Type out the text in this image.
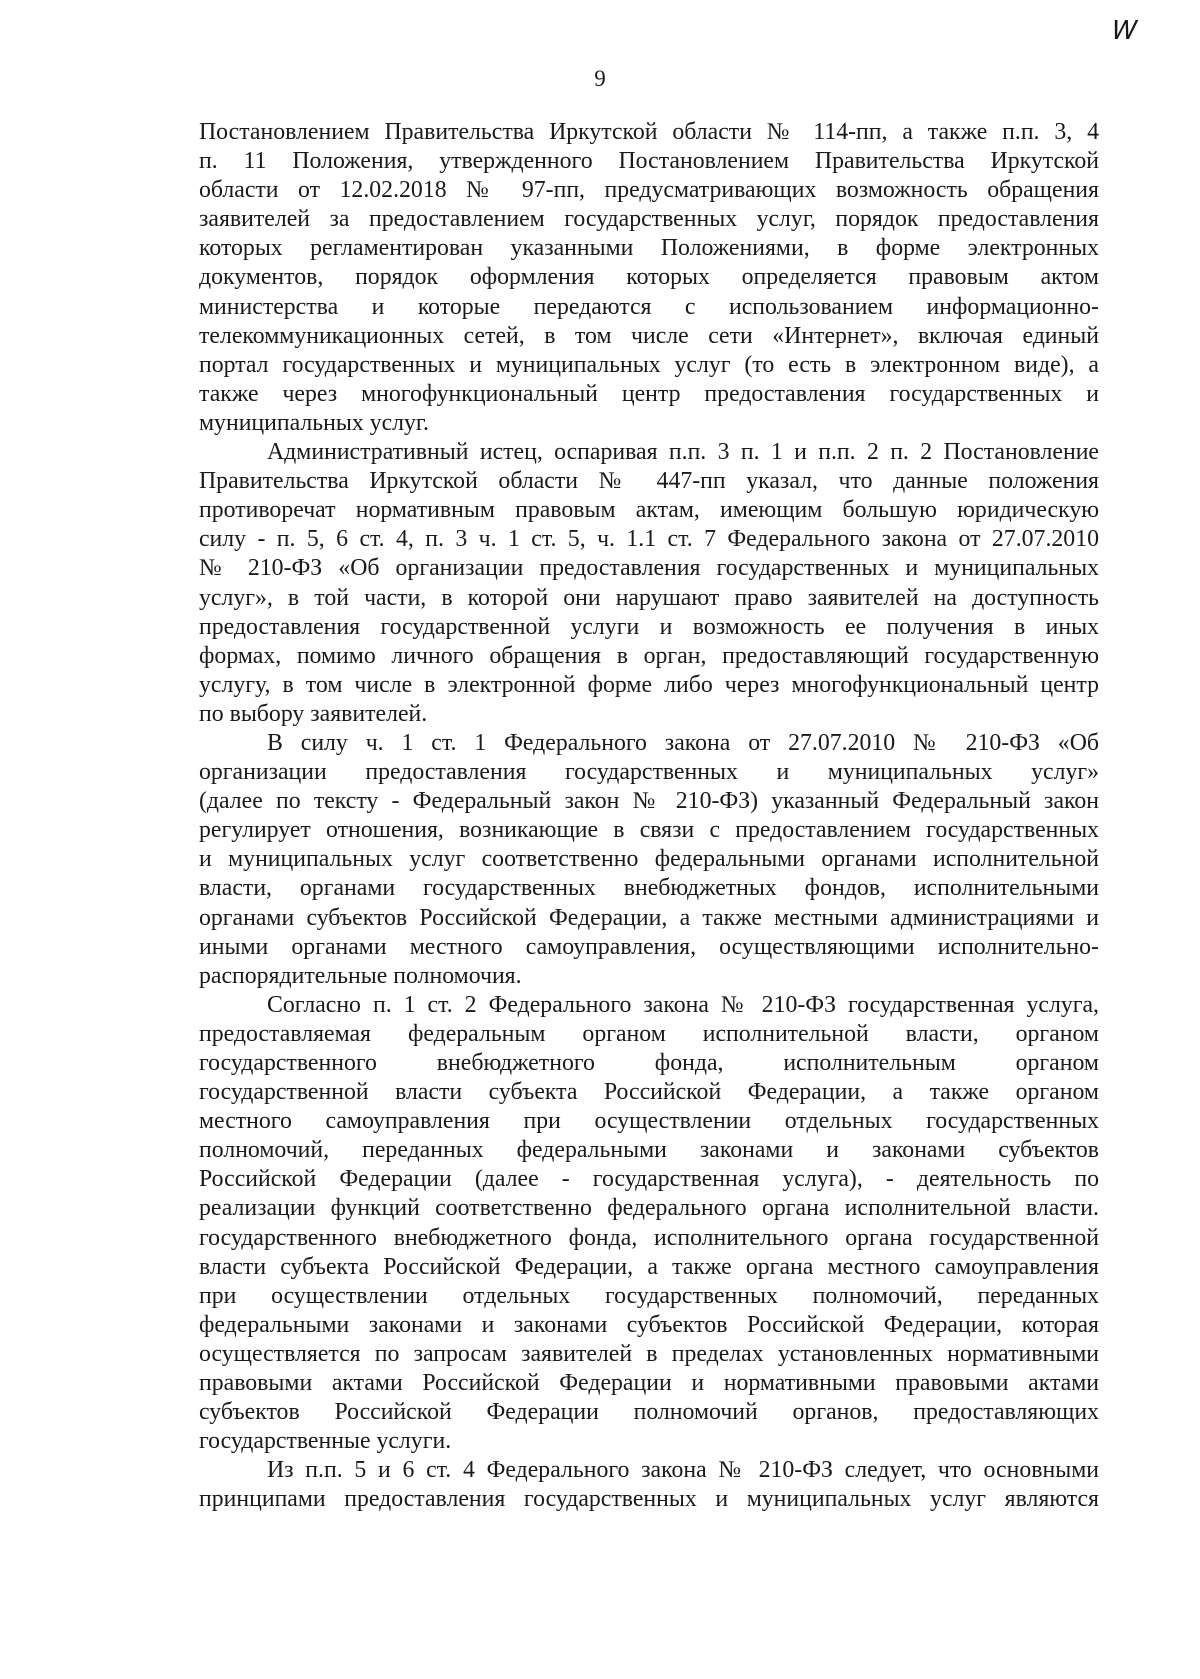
9
Ꮃ
Постановлением Правительства Иркутской области № 114-пп, а также п.п. 3, 4
п. 11 Положения, утвержденного Постановлением Правительства Иркутской
области от 12.02.2018 № 97-пп, предусматривающих возможность обращения
заявителей за предоставлением государственных услуг, порядок предоставления
которых регламентирован указанными Положениями, в форме электронных
документов, порядок оформления которых определяется правовым актом
министерства и которые передаются с использованием информационно-
телекоммуникационных сетей, в том числе сети «Интернет», включая единый
портал государственных и муниципальных услуг (то есть в электронном виде), а
также через многофункциональный центр предоставления государственных и
муниципальных услуг.
Административный истец, оспаривая п.п. 3 п. 1 и п.п. 2 п. 2 Постановление
Правительства Иркутской области № 447-пп указал, что данные положения
противоречат нормативным правовым актам, имеющим большую юридическую
силу - п. 5, 6 ст. 4, п. 3 ч. 1 ст. 5, ч. 1.1 ст. 7 Федерального закона от 27.07.2010
№ 210-ФЗ «Об организации предоставления государственных и муниципальных
услуг», в той части, в которой они нарушают право заявителей на доступность
предоставления государственной услуги и возможность ее получения в иных
формах, помимо личного обращения в орган, предоставляющий государственную
услугу, в том числе в электронной форме либо через многофункциональный центр
по выбору заявителей.
В силу ч. 1 ст. 1 Федерального закона от 27.07.2010 № 210-ФЗ «Об
организации предоставления государственных и муниципальных услуг»
(далее по тексту - Федеральный закон № 210-ФЗ) указанный Федеральный закон
регулирует отношения, возникающие в связи с предоставлением государственных
и муниципальных услуг соответственно федеральными органами исполнительной
власти, органами государственных внебюджетных фондов, исполнительными
органами субъектов Российской Федерации, а также местными администрациями и
иными органами местного самоуправления, осуществляющими исполнительно-
распорядительные полномочия.
Согласно п. 1 ст. 2 Федерального закона № 210-ФЗ государственная услуга,
предоставляемая федеральным органом исполнительной власти, органом
государственного внебюджетного фонда, исполнительным органом
государственной власти субъекта Российской Федерации, а также органом
местного самоуправления при осуществлении отдельных государственных
полномочий, переданных федеральными законами и законами субъектов
Российской Федерации (далее - государственная услуга), - деятельность по
реализации функций соответственно федерального органа исполнительной власти.
государственного внебюджетного фонда, исполнительного органа государственной
власти субъекта Российской Федерации, а также органа местного самоуправления
при осуществлении отдельных государственных полномочий, переданных
федеральными законами и законами субъектов Российской Федерации, которая
осуществляется по запросам заявителей в пределах установленных нормативными
правовыми актами Российской Федерации и нормативными правовыми актами
субъектов Российской Федерации полномочий органов, предоставляющих
государственные услуги.
Из п.п. 5 и 6 ст. 4 Федерального закона № 210-ФЗ следует, что основными
принципами предоставления государственных и муниципальных услуг являются
